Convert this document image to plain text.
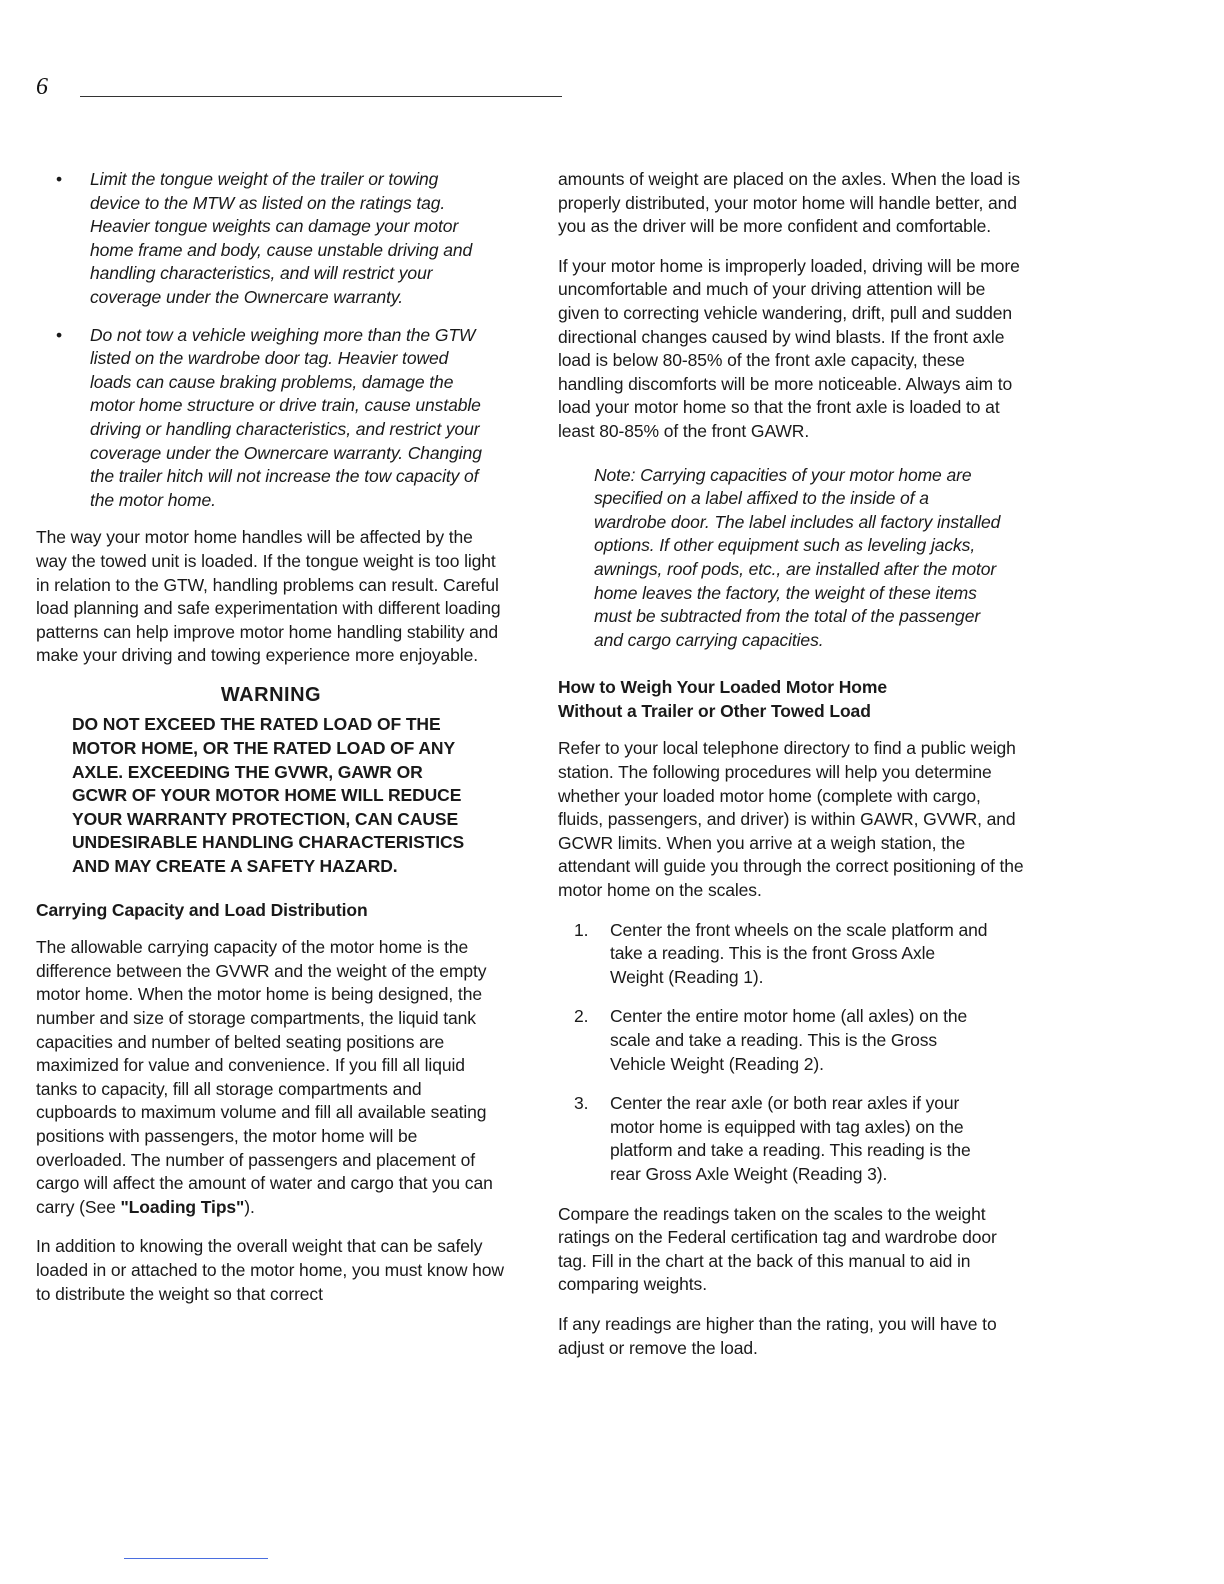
6
• Limit the tongue weight of the trailer or towing device to the MTW as listed on the ratings tag. Heavier tongue weights can damage your motor home frame and body, cause unstable driving and handling characteristics, and will restrict your coverage under the Ownercare warranty.
• Do not tow a vehicle weighing more than the GTW listed on the wardrobe door tag. Heavier towed loads can cause braking problems, damage the motor home structure or drive train, cause unstable driving or handling characteristics, and restrict your coverage under the Ownercare warranty. Changing the trailer hitch will not increase the tow capacity of the motor home.

The way your motor home handles will be affected by the way the towed unit is loaded. If the tongue weight is too light in relation to the GTW, handling problems can result. Careful load planning and safe experimentation with different loading patterns can help improve motor home handling stability and make your driving and towing experience more enjoyable.

WARNING
DO NOT EXCEED THE RATED LOAD OF THE MOTOR HOME, OR THE RATED LOAD OF ANY AXLE. EXCEEDING THE GVWR, GAWR OR GCWR OF YOUR MOTOR HOME WILL REDUCE YOUR WARRANTY PROTECTION, CAN CAUSE UNDESIRABLE HANDLING CHARACTERISTICS AND MAY CREATE A SAFETY HAZARD.
Carrying Capacity and Load Distribution

The allowable carrying capacity of the motor home is the difference between the GVWR and the weight of the empty motor home. When the motor home is being designed, the number and size of storage compartments, the liquid tank capacities and number of belted seating positions are maximized for value and convenience. If you fill all liquid tanks to capacity, fill all storage compartments and cupboards to maximum volume and fill all available seating positions with passengers, the motor home will be overloaded. The number of passengers and placement of cargo will affect the amount of water and cargo that you can carry (See "Loading Tips").

In addition to knowing the overall weight that can be safely loaded in or attached to the motor home, you must know how to distribute the weight so that correct

amounts of weight are placed on the axles. When the load is properly distributed, your motor home will handle better, and you as the driver will be more confident and comfortable.

If your motor home is improperly loaded, driving will be more uncomfortable and much of your driving attention will be given to correcting vehicle wandering, drift, pull and sudden directional changes caused by wind blasts. If the front axle load is below 80-85% of the front axle capacity, these handling discomforts will be more noticeable. Always aim to load your motor home so that the front axle is loaded to at least 80-85% of the front GAWR.

Note: Carrying capacities of your motor home are specified on a label affixed to the inside of a wardrobe door. The label includes all factory installed options. If other equipment such as leveling jacks, awnings, roof pods, etc., are installed after the motor home leaves the factory, the weight of these items must be subtracted from the total of the passenger and cargo carrying capacities.
How to Weigh Your Loaded Motor Home
Without a Trailer or Other Towed Load

Refer to your local telephone directory to find a public weigh station. The following procedures will help you determine whether your loaded motor home (complete with cargo, fluids, passengers, and driver) is within GAWR, GVWR, and GCWR limits. When you arrive at a weigh station, the attendant will guide you through the correct positioning of the motor home on the scales.

1. Center the front wheels on the scale platform and take a reading. This is the front Gross Axle Weight (Reading 1).
2. Center the entire motor home (all axles) on the scale and take a reading. This is the Gross Vehicle Weight (Reading 2).
3. Center the rear axle (or both rear axles if your motor home is equipped with tag axles) on the platform and take a reading. This reading is the rear Gross Axle Weight (Reading 3).

Compare the readings taken on the scales to the weight ratings on the Federal certification tag and wardrobe door tag. Fill in the chart at the back of this manual to aid in comparing weights.

If any readings are higher than the rating, you will have to adjust or remove the load.
